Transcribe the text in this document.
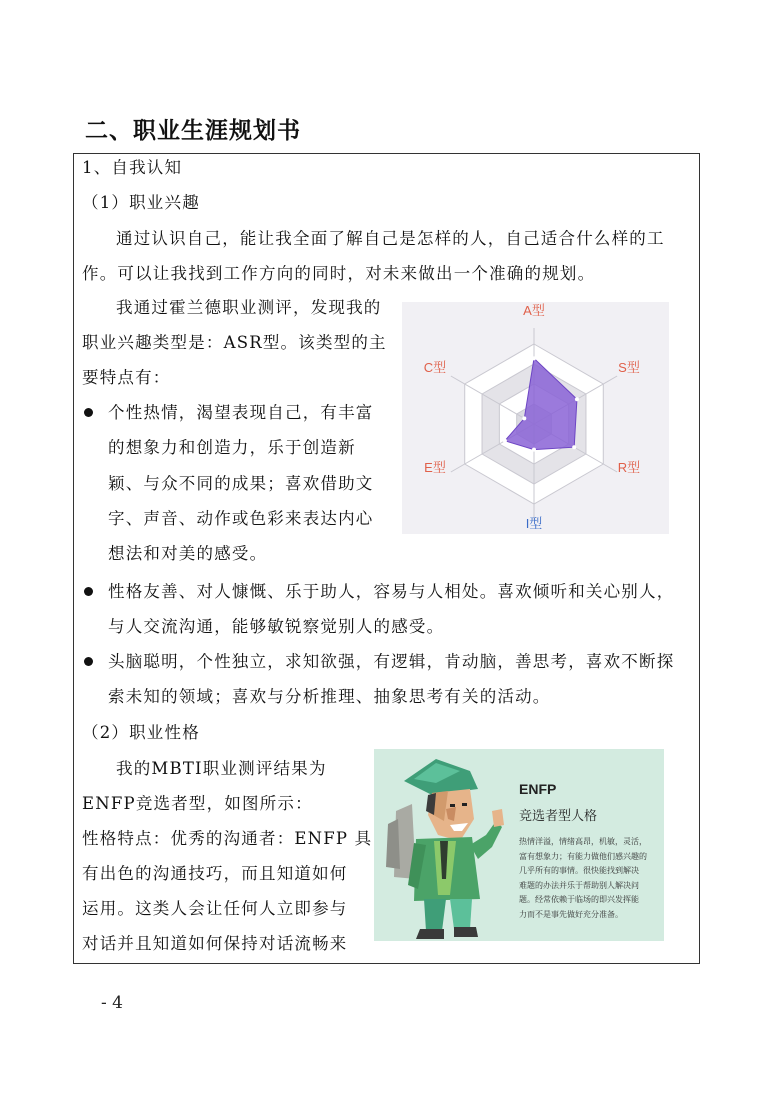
二、职业生涯规划书
1、自我认知
（1）职业兴趣
通过认识自己，能让我全面了解自己是怎样的人，自己适合什么样的工
作。可以让我找到工作方向的同时，对未来做出一个准确的规划。
我通过霍兰德职业测评，发现我的
职业兴趣类型是：ASR型。该类型的主
要特点有：
个性热情，渴望表现自己，有丰富
的想象力和创造力，乐于创造新
颖、与众不同的成果；喜欢借助文
字、声音、动作或色彩来表达内心
想法和对美的感受。
性格友善、对人慷慨、乐于助人，容易与人相处。喜欢倾听和关心别人，
与人交流沟通，能够敏锐察觉别人的感受。
头脑聪明，个性独立，求知欲强，有逻辑，肯动脑，善思考，喜欢不断探
索未知的领域；喜欢与分析推理、抽象思考有关的活动。
（2）职业性格
我的MBTI职业测评结果为
ENFP竞选者型，如图所示：
性格特点：优秀的沟通者：ENFP 具
有出色的沟通技巧，而且知道如何
运用。这类人会让任何人立即参与
对话并且知道如何保持对话流畅来
A型
S型
R型
I型
E型
C型
ENFP
竞选者型人格
热情洋溢，情绪高昂，机敏，灵活，
富有想象力；有能力做他们感兴趣的
几乎所有的事情。很快能找到解决
难题的办法并乐于帮助别人解决问
题。经常依赖于临场的即兴发挥能
力而不是事先做好充分准备。
- 4
